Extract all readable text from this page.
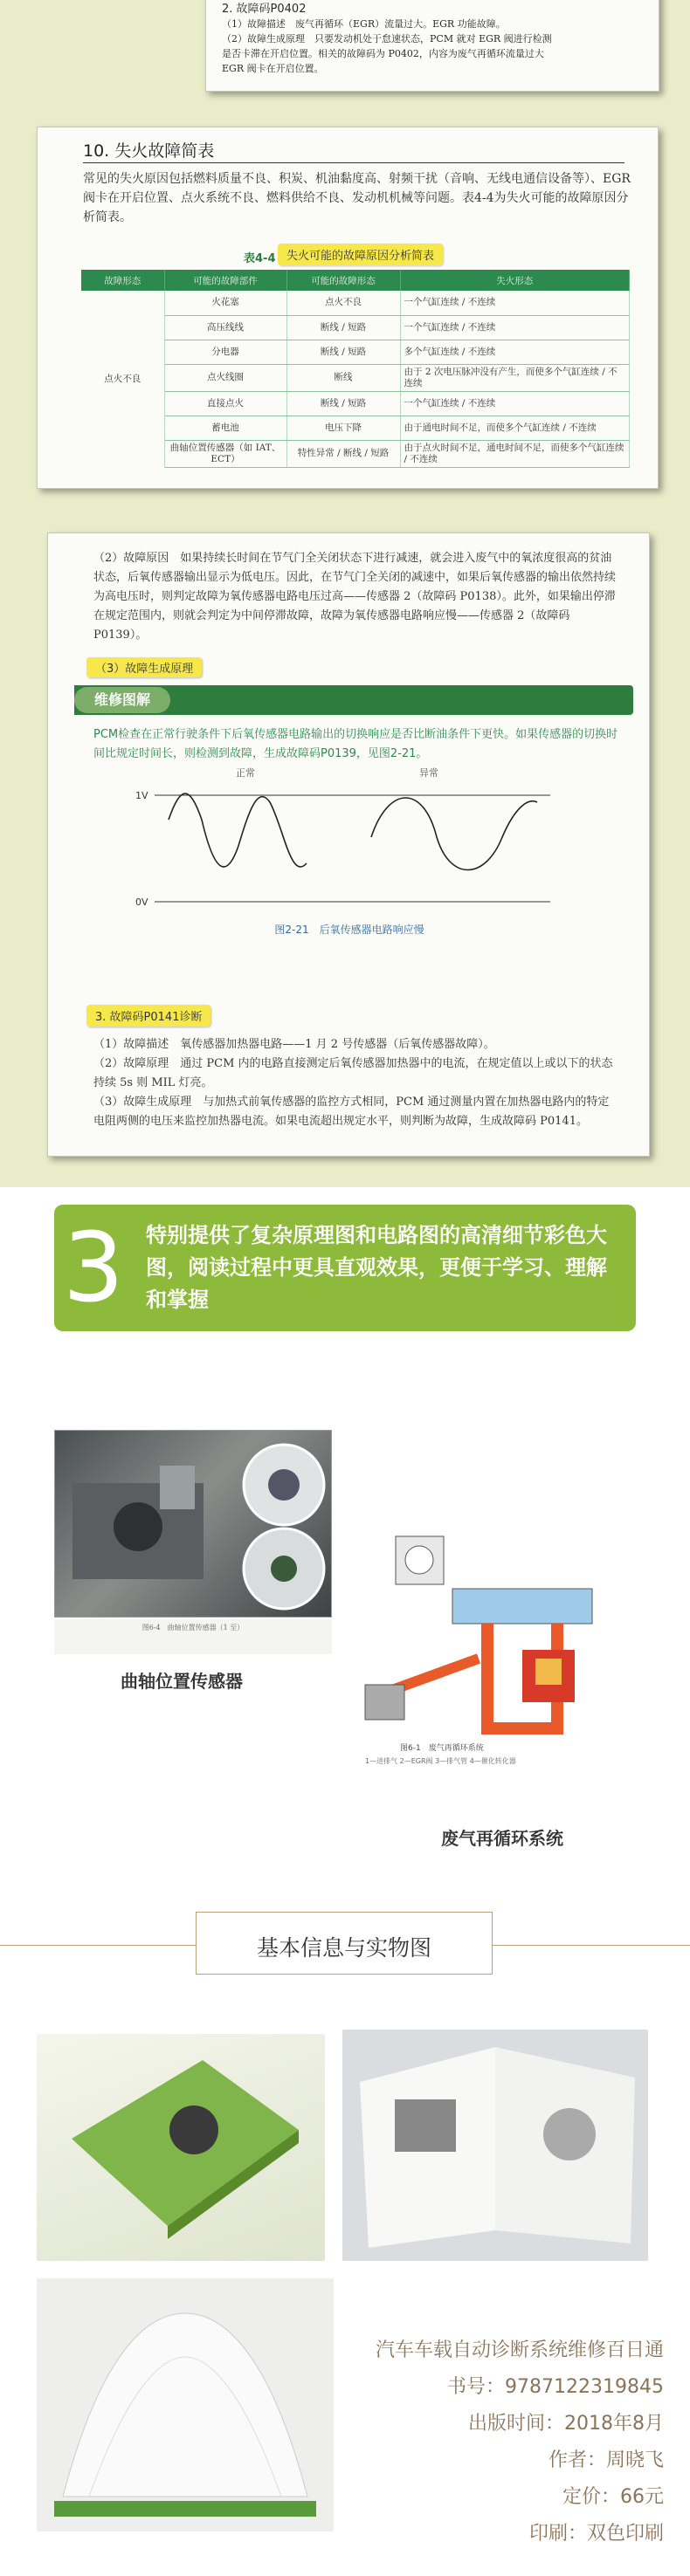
2. 故障码P0402
（1）故障描述　废气再循环（EGR）流量过大。EGR 功能故障。
（2）故障生成原理　只要发动机处于怠速状态，PCM 就对 EGR 阀进行检测
是否卡滞在开启位置。相关的故障码为 P0402，内容为废气再循环流量过大
EGR 阀卡在开启位置。
10. 失火故障简表
常见的失火原因包括燃料质量不良、积炭、机油黏度高、射频干扰（音响、无线电通信设备等）、EGR阀卡在开启位置、点火系统不良、燃料供给不良、发动机机械等问题。表4-4为失火可能的故障原因分析简表。
表4-4 失火可能的故障原因分析简表
故障形态	可能的故障部件	可能的故障形态	失火形态
点火不良	火花塞	点火不良	一个气缸连续 / 不连续
	高压线线	断线 / 短路	一个气缸连续 / 不连续
	分电器	断线 / 短路	多个气缸连续 / 不连续
	点火线圈	断线	由于 2 次电压脉冲没有产生，而使多个气缸连续 / 不连续
	直接点火	断线 / 短路	一个气缸连续 / 不连续
	蓄电池	电压下降	由于通电时间不足，而使多个气缸连续 / 不连续
	曲轴位置传感器（如 IAT、ECT）	特性异常 / 断线 / 短路	由于点火时间不足，通电时间不足，而使多个气缸连续 / 不连续
（2）故障原因　如果持续长时间在节气门全关闭状态下进行减速，就会进入废气中的氧浓度很高的贫油状态，后氧传感器输出显示为低电压。因此，在节气门全关闭的减速中，如果后氧传感器的输出依然持续为高电压时，则判定故障为氧传感器电路电压过高——传感器 2（故障码 P0138）。此外，如果输出停滞在规定范围内，则就会判定为中间停滞故障，故障为氧传感器电路响应慢——传感器 2（故障码 P0139）。
（3）故障生成原理
维修图解
PCM检查在正常行驶条件下后氧传感器电路输出的切换响应是否比断油条件下更快。如果传感器的切换时间比规定时间长，则检测到故障，生成故障码P0139，见图2-21。
正常	异常
1V
0V
图2-21　后氧传感器电路响应慢
3. 故障码P0141诊断
（1）故障描述　氧传感器加热器电路——1 月 2 号传感器（后氧传感器故障）。
（2）故障原理　通过 PCM 内的电路直接测定后氧传感器加热器中的电流，在规定值以上或以下的状态持续 5s 则 MIL 灯亮。
（3）故障生成原理　与加热式前氧传感器的监控方式相同，PCM 通过测量内置在加热器电路内的特定电阻两侧的电压来监控加热器电流。如果电流超出规定水平，则判断为故障，生成故障码 P0141。
3 特别提供了复杂原理图和电路图的高清细节彩色大图，阅读过程中更具直观效果，更便于学习、理解和掌握
图6-4　曲轴位置传感器（1 至）
曲轴位置传感器
图6-1　废气再循环系统
1—进排气 2—EGR阀 3—排气管 4—催化转化器
废气再循环系统
基本信息与实物图
汽车车载自动诊断系统维修百日通
书号：9787122319845
出版时间：2018年8月
作者：周晓飞
定价：66元
印刷：双色印刷
